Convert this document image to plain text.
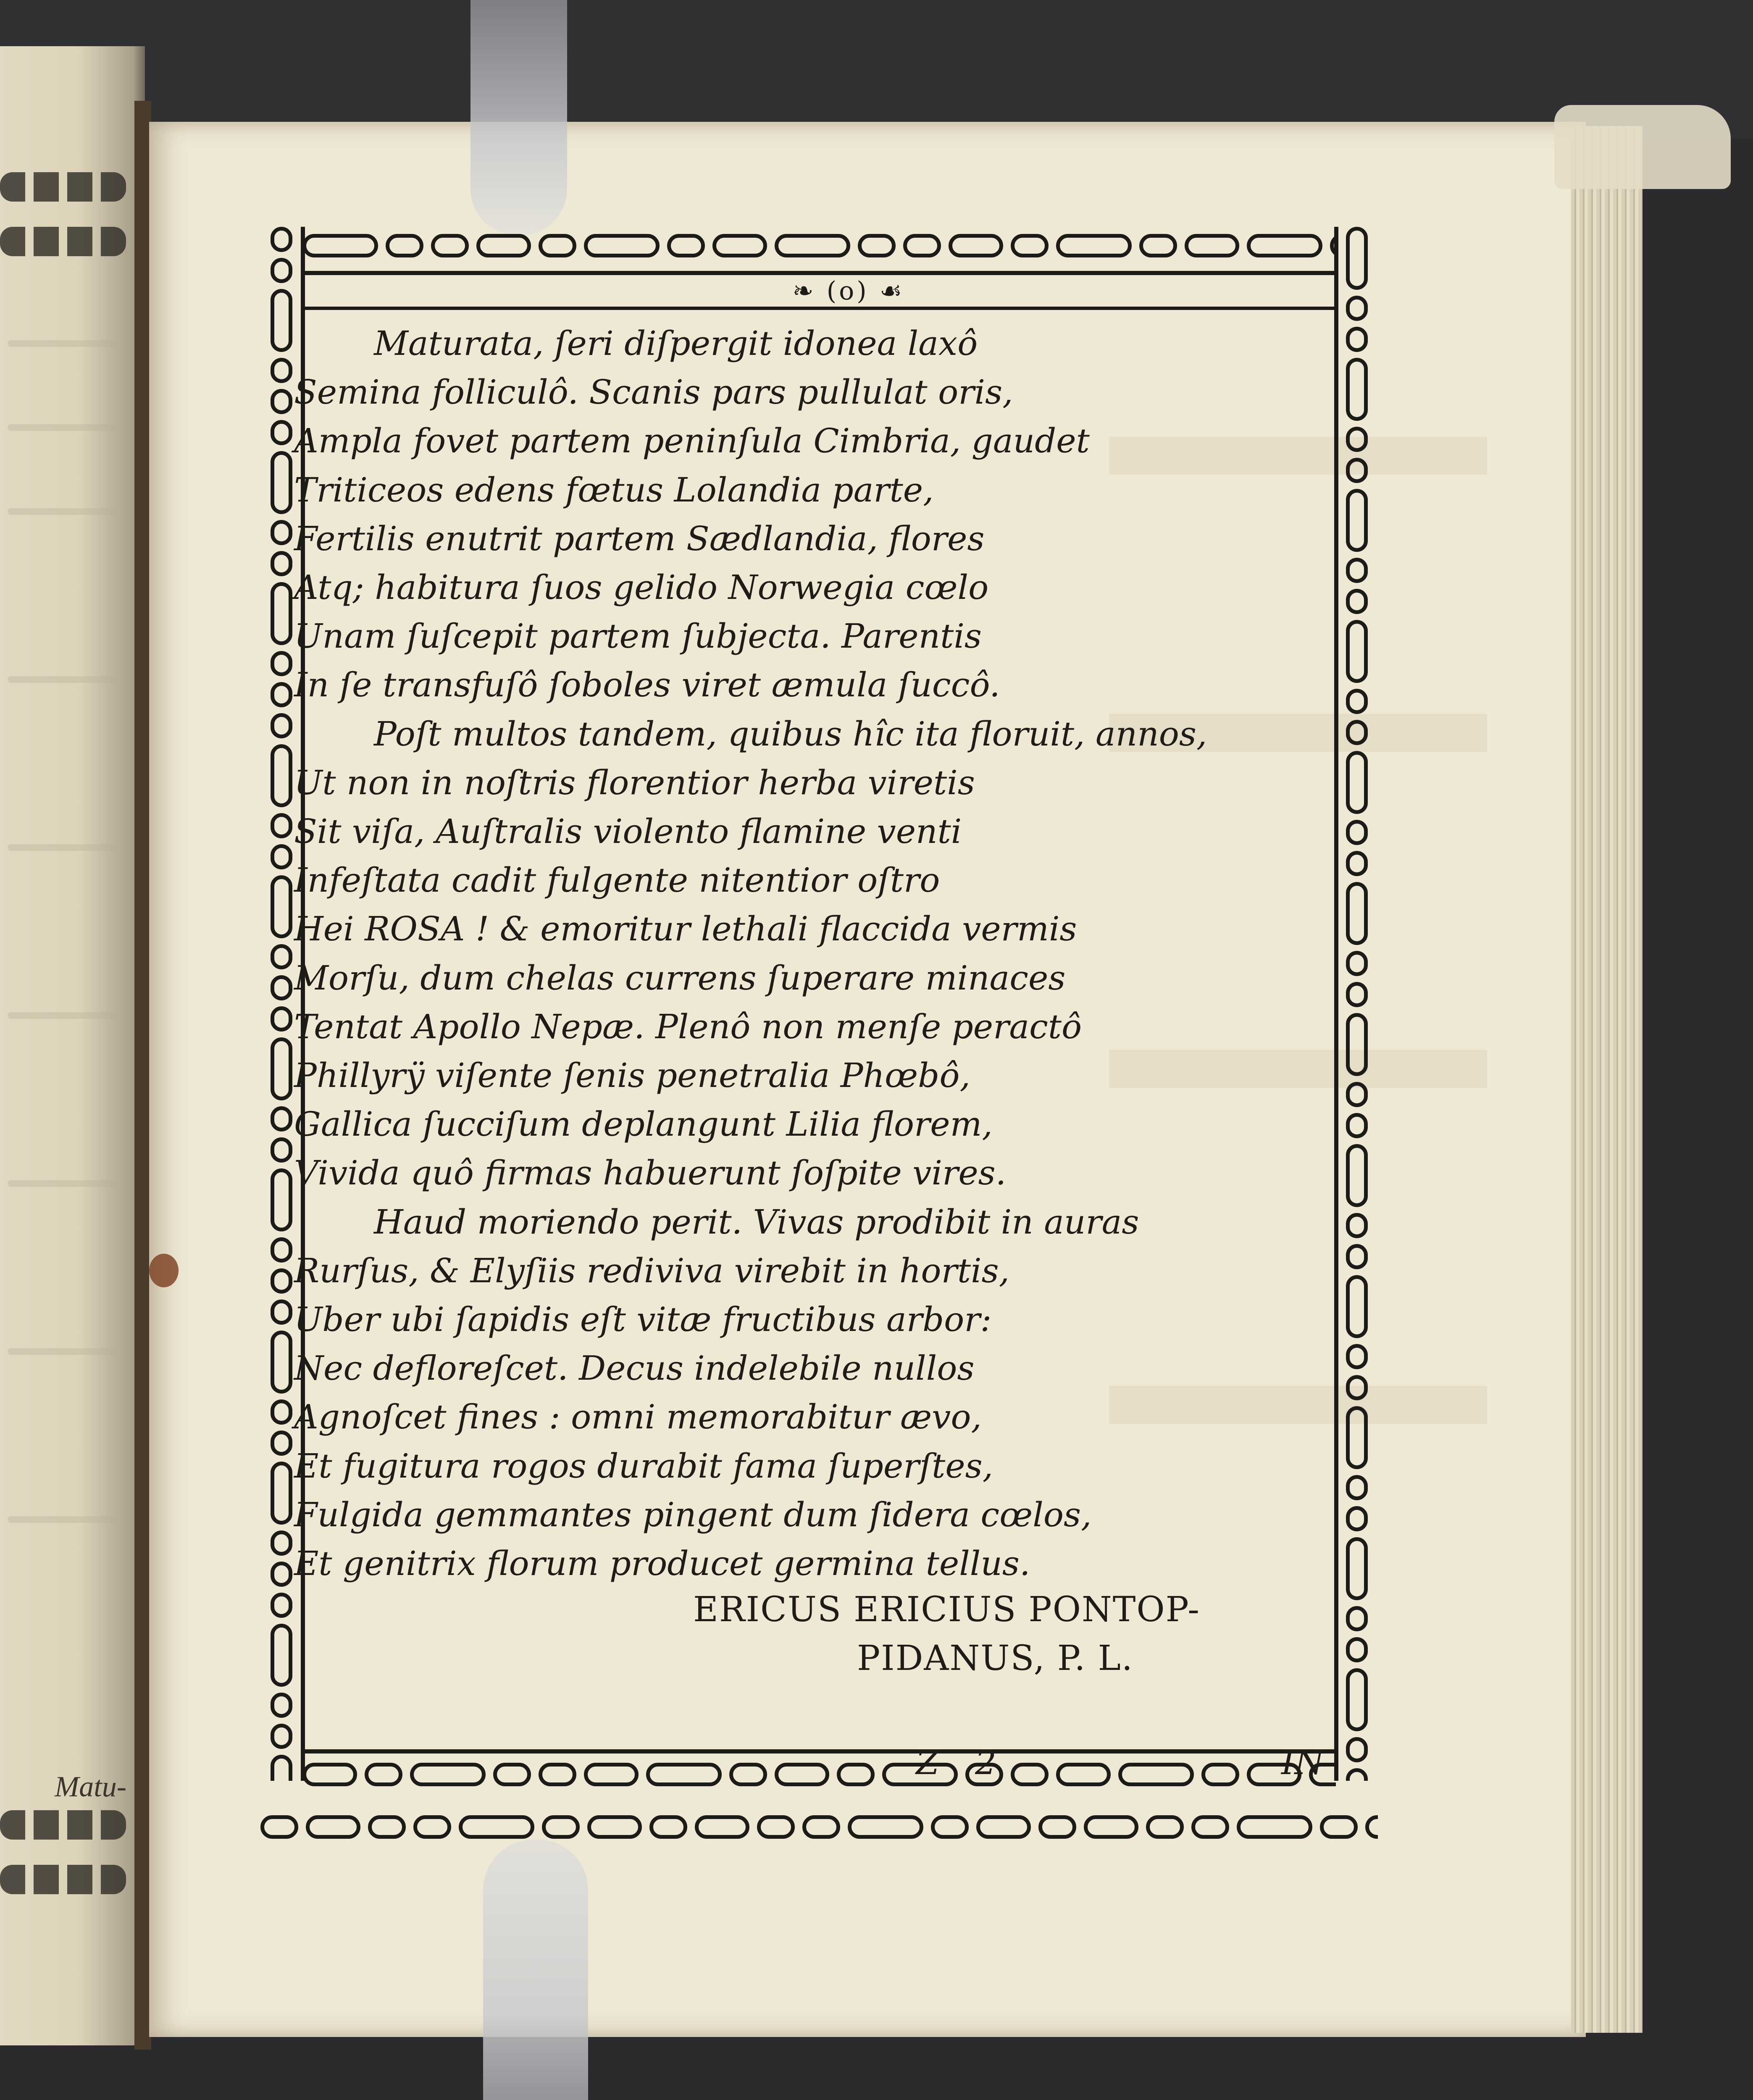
Matu-
❧ (o) ☙
Maturata, ſeri diſpergit idonea laxô
Semina folliculô. Scanis pars pullulat oris,
Ampla fovet partem peninſula Cimbria, gaudet
Triticeos edens fœtus Lolandia parte,
Fertilis enutrit partem Sædlandia, flores
Atq; habitura ſuos gelido Norwegia cœlo
Unam ſuſcepit partem ſubjecta. Parentis
In ſe transfuſô ſoboles viret æmula ſuccô.
Poſt multos tandem, quibus hîc ita floruit, annos,
Ut non in noſtris florentior herba viretis
Sit viſa, Auſtralis violento flamine venti
Infeſtata cadit fulgente nitentior oſtro
Hei ROSA ! & emoritur lethali flaccida vermis
Morſu, dum chelas currens ſuperare minaces
Tentat Apollo Nepæ. Plenô non menſe peractô
Phillyrÿ viſente ſenis penetralia Phœbô,
Gallica ſucciſum deplangunt Lilia florem,
Vivida quô firmas habuerunt ſoſpite vires.
Haud moriendo perit. Vivas prodibit in auras
Rurſus, & Elyſiis rediviva virebit in hortis,
Uber ubi ſapidis eſt vitæ fructibus arbor:
Nec defloreſcet. Decus indelebile nullos
Agnoſcet fines : omni memorabitur ævo,
Et fugitura rogos durabit fama ſuperſtes,
Fulgida gemmantes pingent dum ſidera cœlos,
Et genitrix florum producet germina tellus.
ERICUS ERICIUS PONTOP-
PIDANUS, P. L.
Z 2	IN
